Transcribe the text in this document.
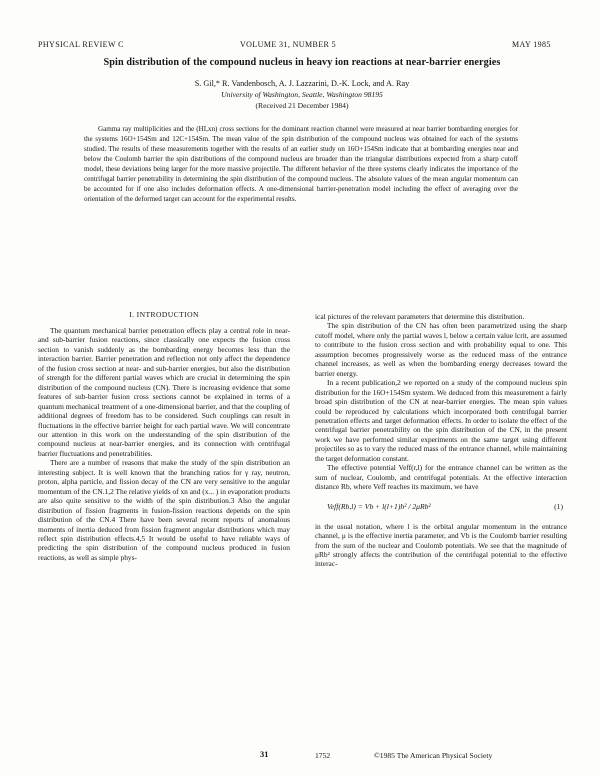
PHYSICAL REVIEW C	VOLUME 31, NUMBER 5	MAY 1985
Spin distribution of the compound nucleus in heavy ion reactions at near-barrier energies
S. Gil,* R. Vandenbosch, A. J. Lazzarini, D.-K. Lock, and A. Ray
University of Washington, Seattle, Washington 98195
(Received 21 December 1984)

Gamma ray multiplicities and the (HI,xn) cross sections for the dominant reaction channel were measured at near barrier bombarding energies for the systems 16O+154Sm and 12C+154Sm. The mean value of the spin distribution of the compound nucleus was obtained for each of the systems studied. The results of these measurements together with the results of an earlier study on 16O+154Sm indicate that at bombarding energies near and below the Coulomb barrier the spin distributions of the compound nucleus are broader than the triangular distributions expected from a sharp cutoff model, these deviations being larger for the more massive projectile. The different behavior of the three systems clearly indicates the importance of the centrifugal barrier penetrability in determining the spin distribution of the compound nucleus. The absolute values of the mean angular momentum can be accounted for if one also includes deformation effects. A one-dimensional barrier-penetration model including the effect of averaging over the orientation of the deformed target can account for the experimental results.

I. INTRODUCTION

The quantum mechanical barrier penetration effects play a central role in near- and sub-barrier fusion reactions, since classically one expects the fusion cross section to vanish suddenly as the bombarding energy becomes less than the interaction barrier. Barrier penetration and reflection not only affect the dependence of the fusion cross section at near- and sub-barrier energies, but also the distribution of strength for the different partial waves which are crucial in determining the spin distribution of the compound nucleus (CN). There is increasing evidence that some features of sub-barrier fusion cross sections cannot be explained in terms of a quantum mechanical treatment of a one-dimensional barrier, and that the coupling of additional degrees of freedom has to be considered. Such couplings can result in fluctuations in the effective barrier height for each partial wave. We will concentrate our attention in this work on the understanding of the spin distribution of the compound nucleus at near-barrier energies, and its connection with centrifugal barrier fluctuations and penetrabilities.

There are a number of reasons that make the study of the spin distribution an interesting subject. It is well known that the branching ratios for γ ray, neutron, proton, alpha particle, and fission decay of the CN are very sensitive to the angular momentum of the CN.1,2 The relative yields of xn and (x... ) in evaporation products are also quite sensitive to the width of the spin distribution.3 Also the angular distribution of fission fragments in fusion-fission reactions depends on the spin distribution of the CN.4 There have been several recent reports of anomalous moments of inertia deduced from fission fragment angular distributions which may reflect spin distribution effects.4,5 It would be useful to have reliable ways of predicting the spin distribution of the compound nucleus produced in fusion reactions, as well as simple phys-

ical pictures of the relevant parameters that determine this distribution.

The spin distribution of the CN has often been parametrized using the sharp cutoff model, where only the partial waves l, below a certain value lcrit, are assumed to contribute to the fusion cross section and with probability equal to one. This assumption becomes progressively worse as the reduced mass of the entrance channel increases, as well as when the bombarding energy decreases toward the barrier energy.

In a recent publication,2 we reported on a study of the compound nucleus spin distribution for the 16O+154Sm system. We deduced from this measurement a fairly broad spin distribution of the CN at near-barrier energies. The mean spin values could be reproduced by calculations which incorporated both centrifugal barrier penetration effects and target deformation effects. In order to isolate the effect of the centrifugal barrier penetrability on the spin distribution of the CN, in the present work we have performed similar experiments on the same target using different projectiles so as to vary the reduced mass of the entrance channel, while maintaining the target deformation constant.

The effective potential Veff(r,l) for the entrance channel can be written as the sum of nuclear, Coulomb, and centrifugal potentials. At the effective interaction distance Rb, where Veff reaches its maximum, we have

Veff(Rb,l) = Vb + l(l+1)ħ² / 2μRb²	(1)

in the usual notation, where l is the orbital angular momentum in the entrance channel, μ is the effective inertia parameter, and Vb is the Coulomb barrier resulting from the sum of the nuclear and Coulomb potentials. We see that the magnitude of μRb² strongly affects the contribution of the centrifugal potential to the effective interac-

31	1752	©1985 The American Physical Society
